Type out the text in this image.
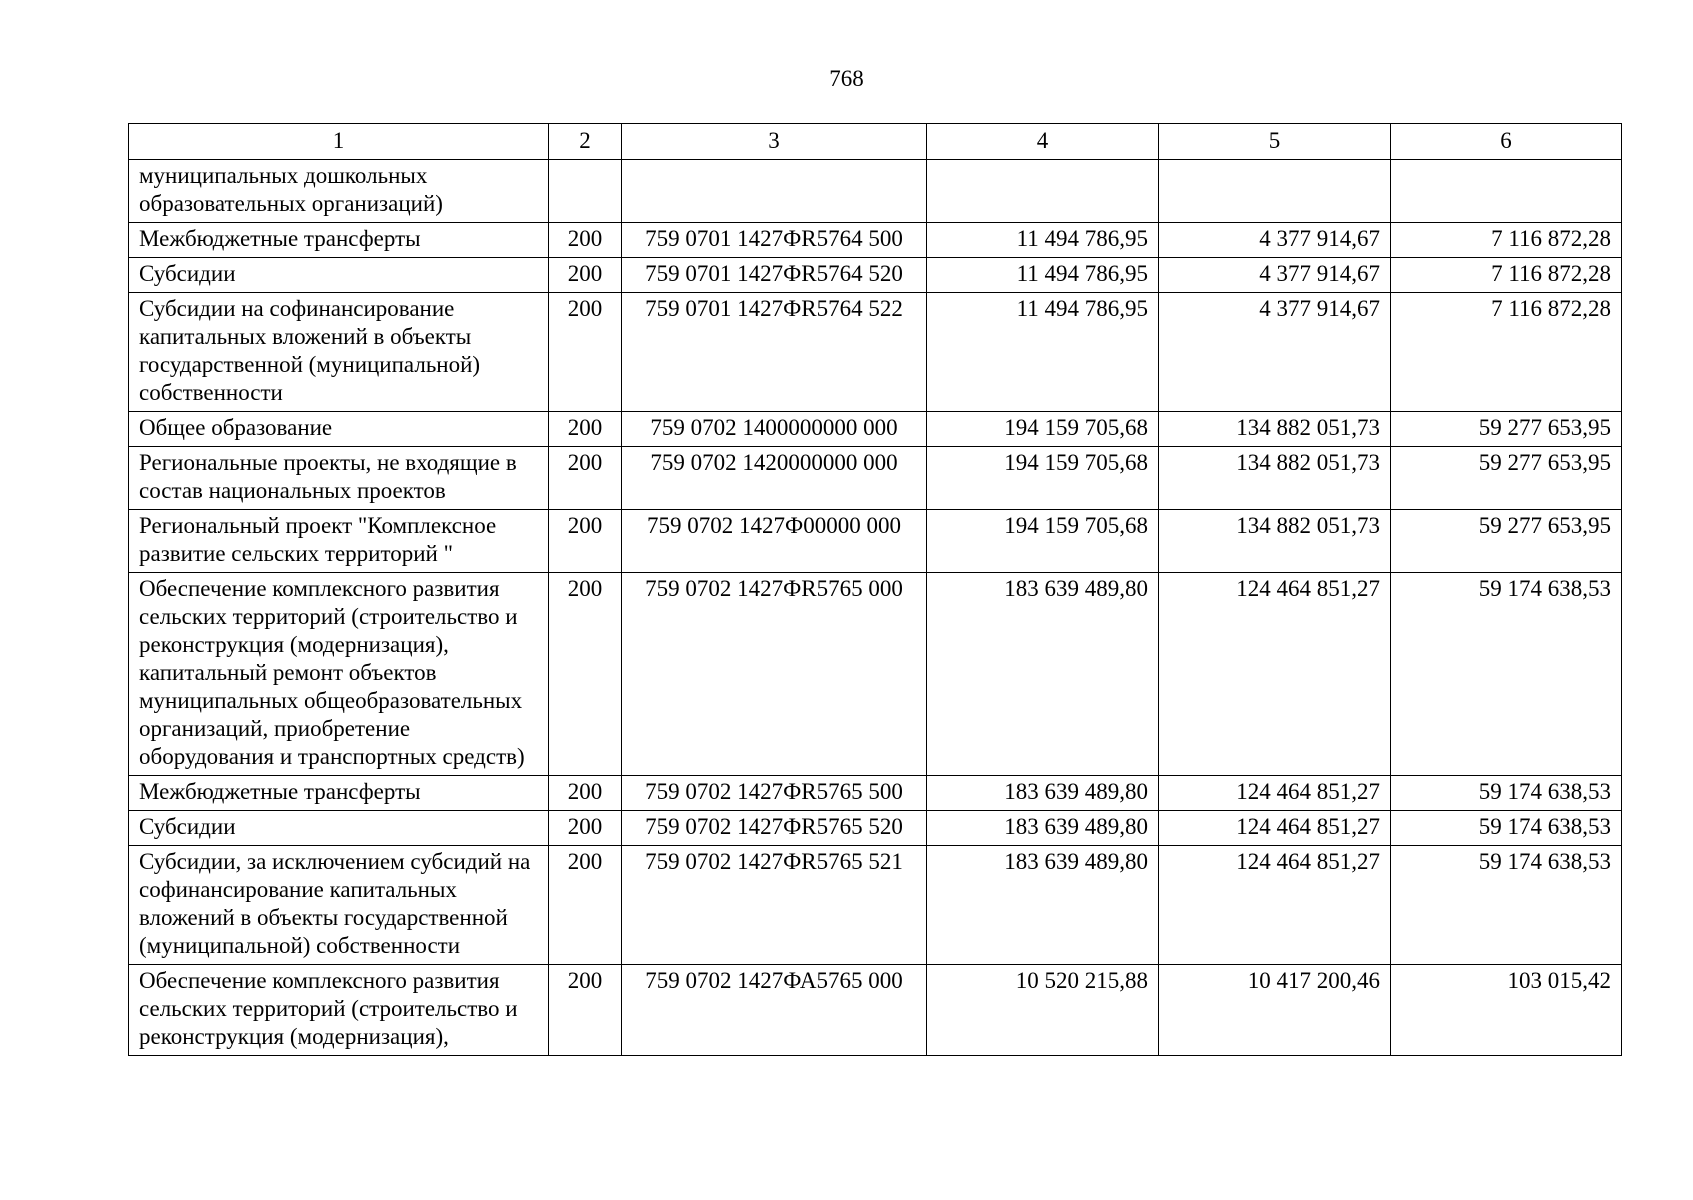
768
1	2	3	4	5	6
муниципальных дошкольных образовательных организаций)					
Межбюджетные трансферты	200	759 0701 1427ФR5764 500	11 494 786,95	4 377 914,67	7 116 872,28
Субсидии	200	759 0701 1427ФR5764 520	11 494 786,95	4 377 914,67	7 116 872,28
Субсидии на софинансирование капитальных вложений в объекты государственной (муниципальной) собственности	200	759 0701 1427ФR5764 522	11 494 786,95	4 377 914,67	7 116 872,28
Общее образование	200	759 0702 1400000000 000	194 159 705,68	134 882 051,73	59 277 653,95
Региональные проекты, не входящие в состав национальных проектов	200	759 0702 1420000000 000	194 159 705,68	134 882 051,73	59 277 653,95
Региональный проект "Комплексное развитие сельских территорий "	200	759 0702 1427Ф00000 000	194 159 705,68	134 882 051,73	59 277 653,95
Обеспечение комплексного развития сельских территорий (строительство и реконструкция (модернизация), капитальный ремонт объектов муниципальных общеобразовательных организаций, приобретение оборудования и транспортных средств)	200	759 0702 1427ФR5765 000	183 639 489,80	124 464 851,27	59 174 638,53
Межбюджетные трансферты	200	759 0702 1427ФR5765 500	183 639 489,80	124 464 851,27	59 174 638,53
Субсидии	200	759 0702 1427ФR5765 520	183 639 489,80	124 464 851,27	59 174 638,53
Субсидии, за исключением субсидий на софинансирование капитальных вложений в объекты государственной (муниципальной) собственности	200	759 0702 1427ФR5765 521	183 639 489,80	124 464 851,27	59 174 638,53
Обеспечение комплексного развития сельских территорий (строительство и реконструкция (модернизация),	200	759 0702 1427ФА5765 000	10 520 215,88	10 417 200,46	103 015,42
